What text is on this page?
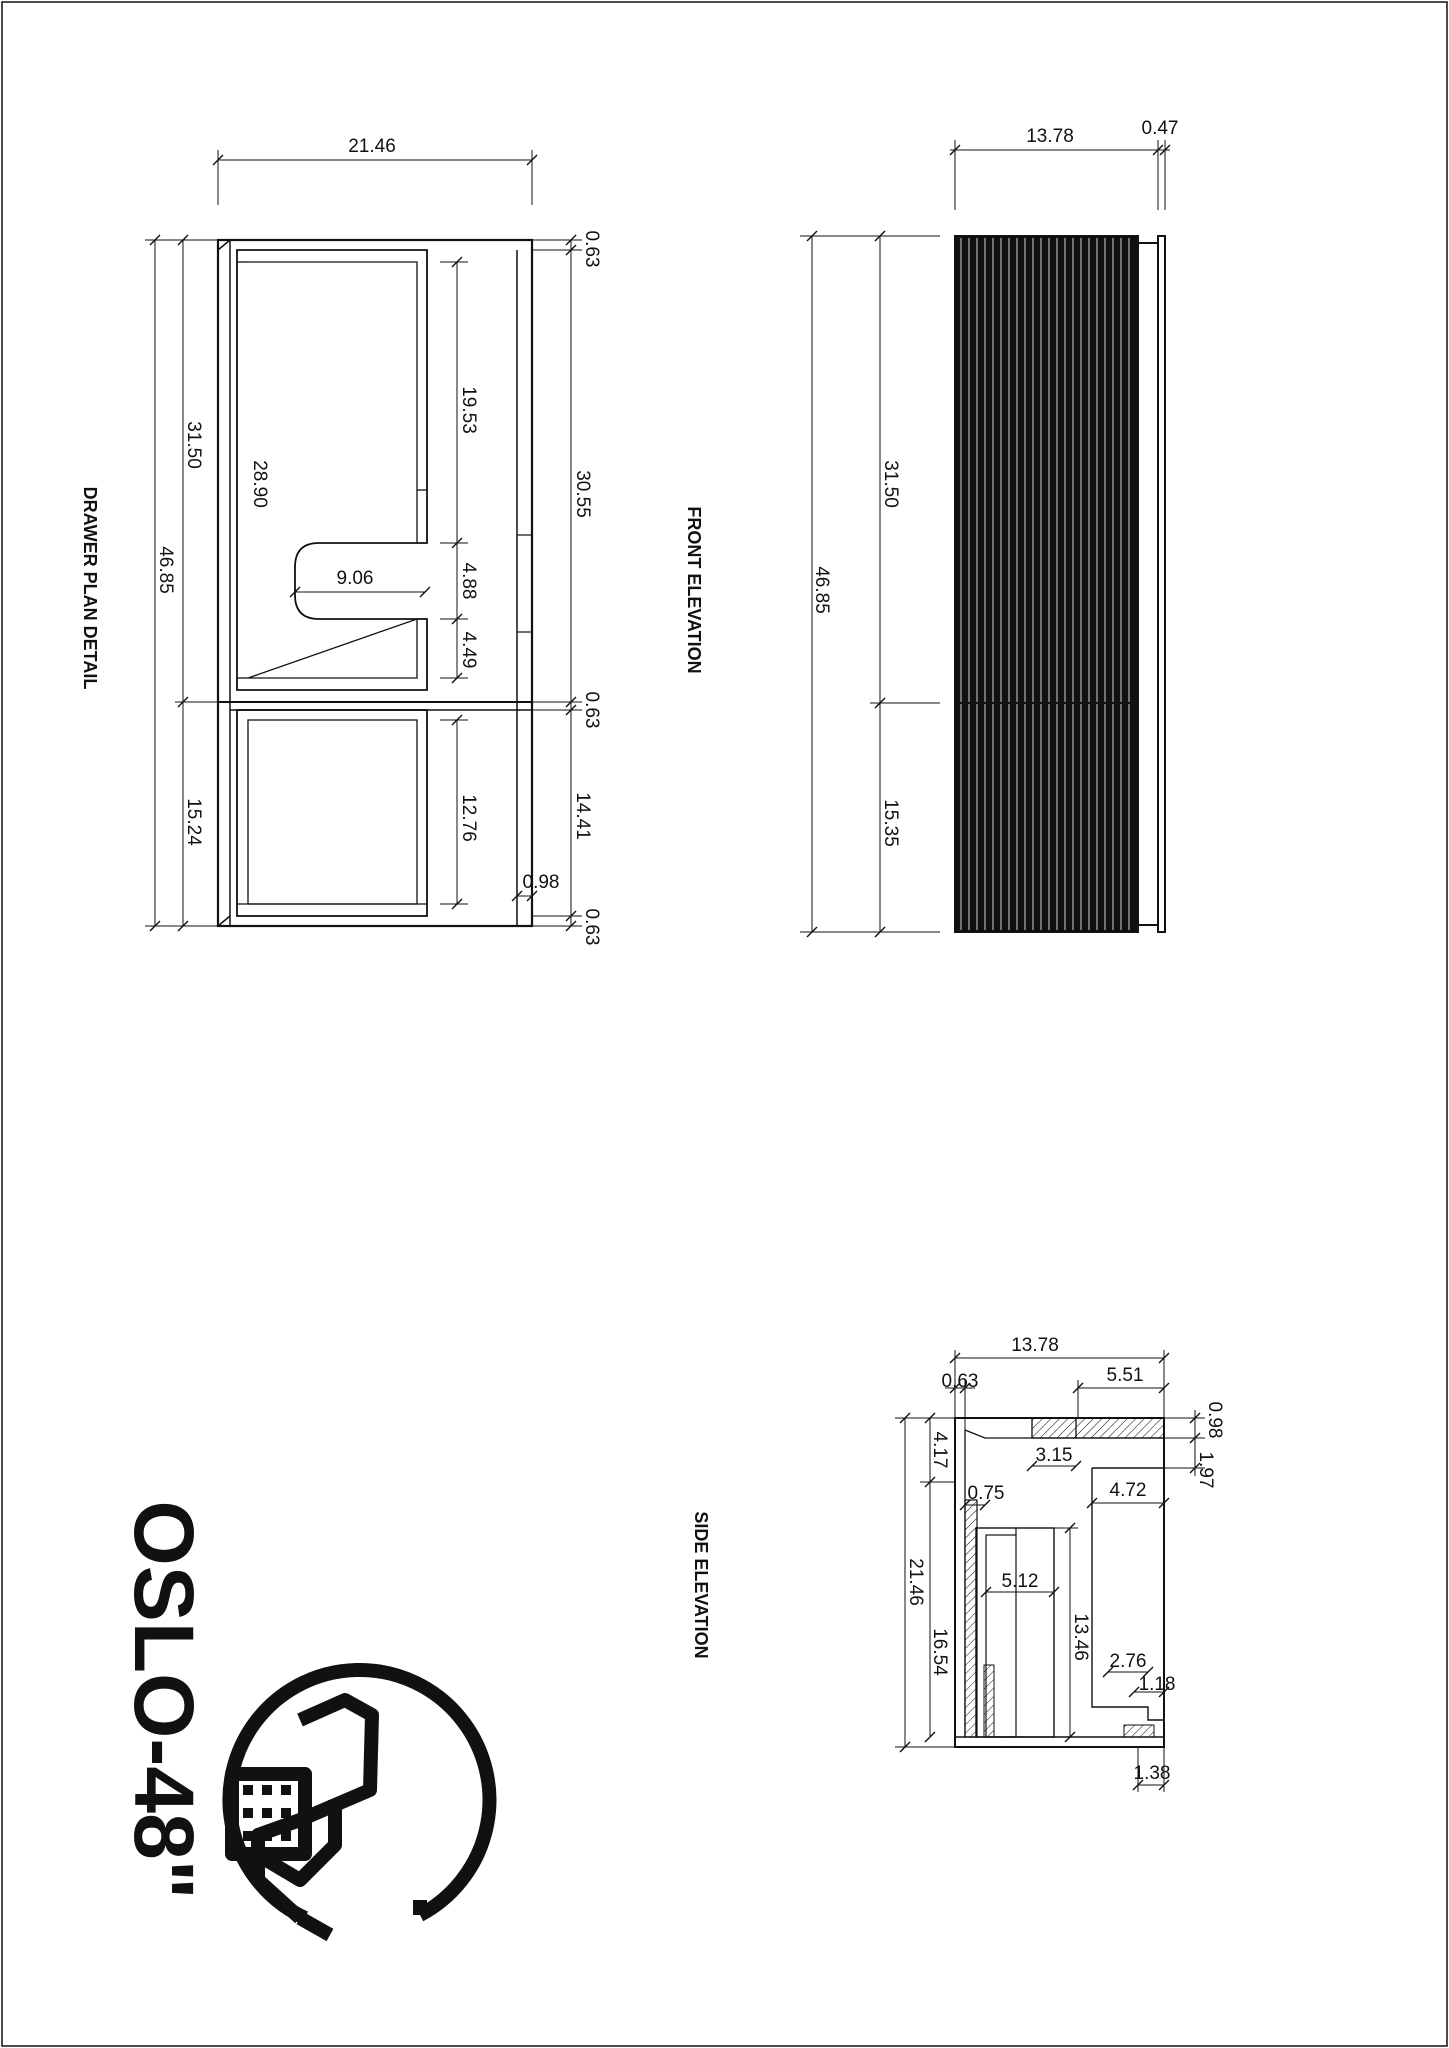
21.46
46.85
31.50
15.24
28.90
9.06
19.53
4.88
4.49
12.76
0.63
30.55
0.63
14.41
0.63
0.98
DRAWER PLAN DETAIL
13.78	0.47
46.85
31.50
15.35
FRONT ELEVATION
13.78
0.63	5.51
0.98
1.97
3.15
4.72
0.75
5.12
21.46
4.17
16.54	13.46
2.76
1.18
1.38
SIDE ELEVATION
OSLO-48"
